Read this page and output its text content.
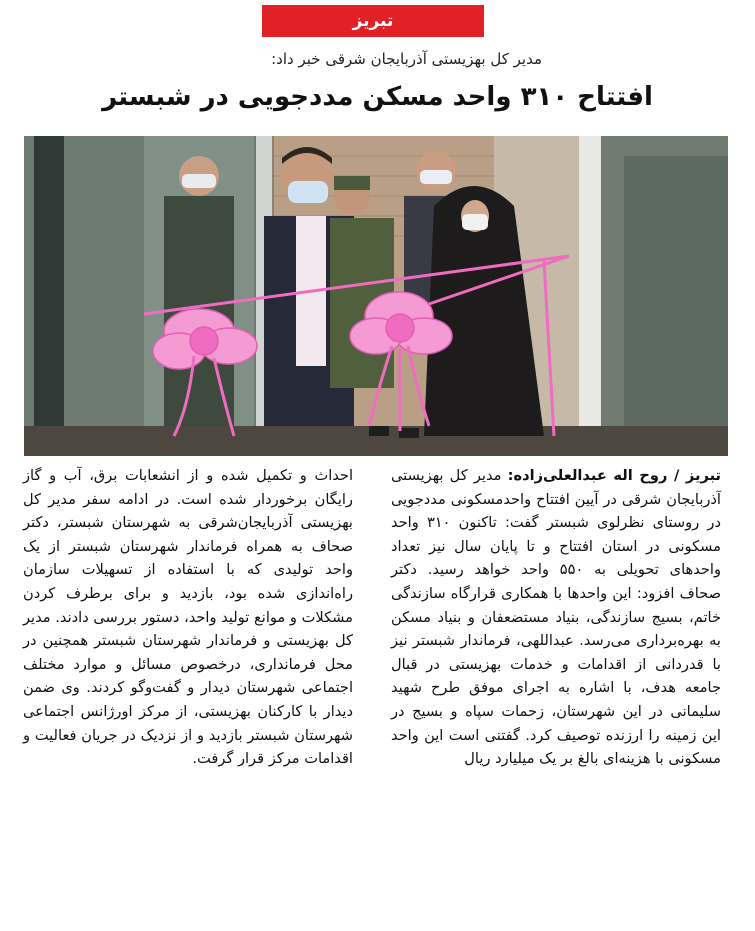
تبریز
مدیر کل بهزیستی آذربایجان شرقی خبر داد:
افتتاح ۳۱۰ واحد مسکن مددجویی در شبستر
تبریز / روح اله عبدالعلی‌زاده: مدیر کل بهزیستی آذربایجان شرقی در آیین افتتاح واحدمسکونی مددجویی در روستای نظرلوی شبستر گفت: تاکنون ۳۱۰ واحد مسکونی در استان افتتاح و تا پایان سال نیز تعداد واحدهای تحویلی به ۵۵۰ واحد خواهد رسید. دکتر صحاف افزود: این واحدها با همکاری قرارگاه سازندگی خاتم، بسیج سازندگی، بنیاد مستضعفان و بنیاد مسکن به بهره‌برداری می‌رسد. عبداللهی، فرماندار شبستر نیز با قدردانی از اقدامات و خدمات بهزیستی در قبال جامعه هدف، با اشاره به اجرای موفق طرح شهید سلیمانی در این شهرستان، زحمات سپاه و بسیج در این زمینه را ارزنده توصیف کرد. گفتنی است این واحد مسکونی با هزینه‌ای بالغ بر یک میلیارد ریال
احداث و تکمیل شده و از انشعابات برق، آب و گاز رایگان برخوردار شده است. در ادامه سفر مدیر کل بهزیستی آذربایجان‌شرقی به شهرستان شبستر، دکتر صحاف به همراه فرماندار شهرستان شبستر از یک واحد تولیدی که با استفاده از تسهیلات سازمان راه‌اندازی شده بود، بازدید و برای برطرف کردن مشکلات و موانع تولید واحد، دستور بررسی دادند. مدیر کل بهزیستی و فرماندار شهرستان شبستر همچنین در محل فرمانداری، درخصوص مسائل و موارد مختلف اجتماعی شهرستان دیدار و گفت‌وگو کردند. وی ضمن دیدار با کارکنان بهزیستی، از مرکز اورژانس اجتماعی شهرستان شبستر بازدید و از نزدیک در جریان فعالیت و اقدامات مرکز قرار گرفت.
